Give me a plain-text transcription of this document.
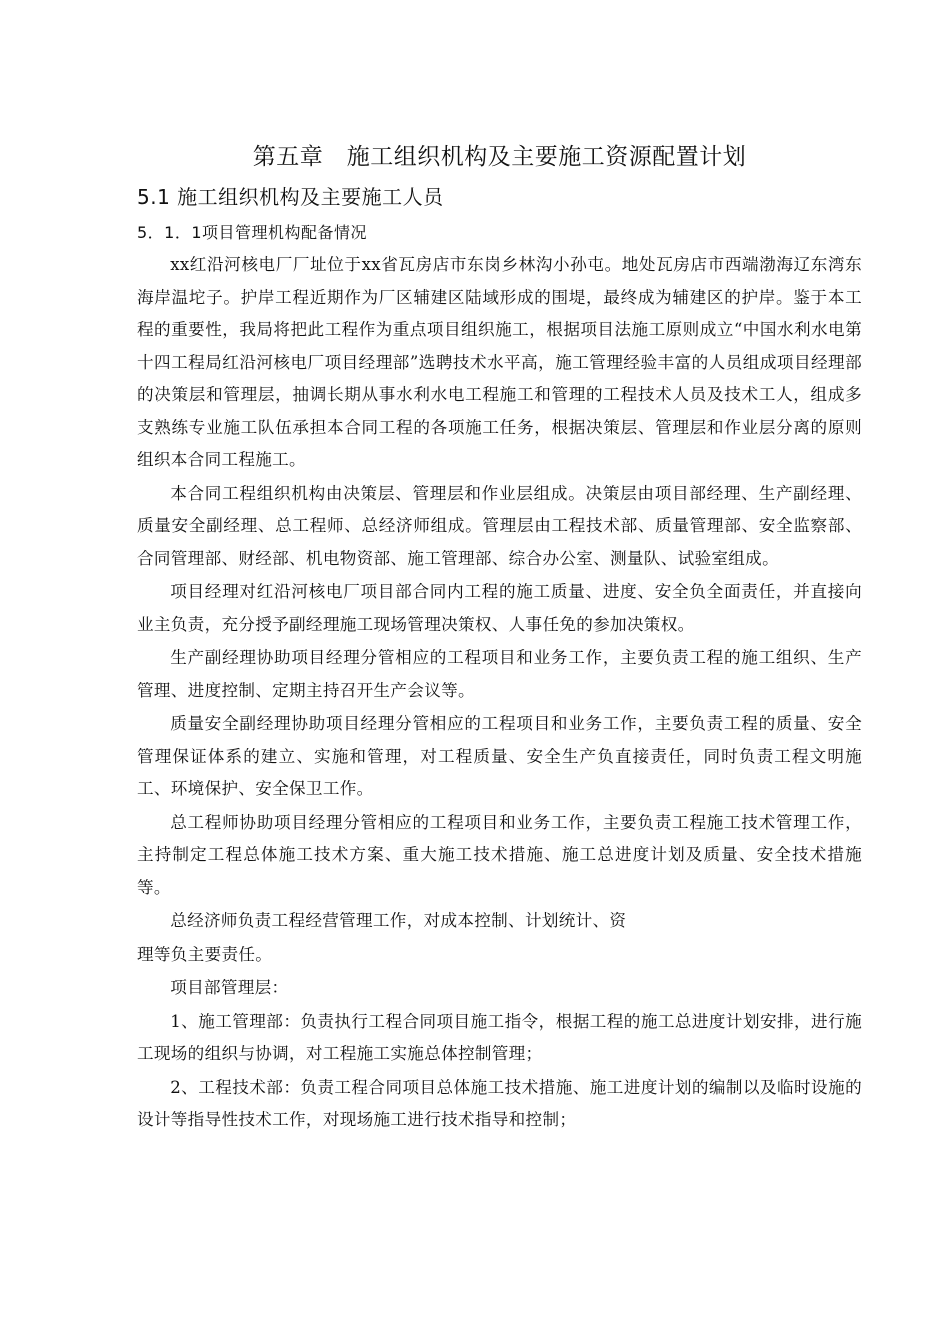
第五章　施工组织机构及主要施工资源配置计划
5.1 施工组织机构及主要施工人员
5．1．1项目管理机构配备情况

xx红沿河核电厂厂址位于xx省瓦房店市东岗乡林沟小孙屯。地处瓦房店市西端渤海辽东湾东海岸温坨子。护岸工程近期作为厂区辅建区陆域形成的围堤，最终成为辅建区的护岸。鉴于本工程的重要性，我局将把此工程作为重点项目组织施工，根据项目法施工原则成立“中国水利水电第十四工程局红沿河核电厂项目经理部”选聘技术水平高，施工管理经验丰富的人员组成项目经理部的决策层和管理层，抽调长期从事水利水电工程施工和管理的工程技术人员及技术工人，组成多支熟练专业施工队伍承担本合同工程的各项施工任务，根据决策层、管理层和作业层分离的原则组织本合同工程施工。

本合同工程组织机构由决策层、管理层和作业层组成。决策层由项目部经理、生产副经理、质量安全副经理、总工程师、总经济师组成。管理层由工程技术部、质量管理部、安全监察部、合同管理部、财经部、机电物资部、施工管理部、综合办公室、测量队、试验室组成。

项目经理对红沿河核电厂项目部合同内工程的施工质量、进度、安全负全面责任，并直接向业主负责，充分授予副经理施工现场管理决策权、人事任免的参加决策权。

生产副经理协助项目经理分管相应的工程项目和业务工作，主要负责工程的施工组织、生产管理、进度控制、定期主持召开生产会议等。

质量安全副经理协助项目经理分管相应的工程项目和业务工作，主要负责工程的质量、安全管理保证体系的建立、实施和管理，对工程质量、安全生产负直接责任，同时负责工程文明施工、环境保护、安全保卫工作。

总工程师协助项目经理分管相应的工程项目和业务工作，主要负责工程施工技术管理工作，主持制定工程总体施工技术方案、重大施工技术措施、施工总进度计划及质量、安全技术措施等。

总经济师负责工程经营管理工作，对成本控制、计划统计、资

理等负主要责任。

项目部管理层：

1、施工管理部：负责执行工程合同项目施工指令，根据工程的施工总进度计划安排，进行施工现场的组织与协调，对工程施工实施总体控制管理；

2、工程技术部：负责工程合同项目总体施工技术措施、施工进度计划的编制以及临时设施的设计等指导性技术工作，对现场施工进行技术指导和控制；
